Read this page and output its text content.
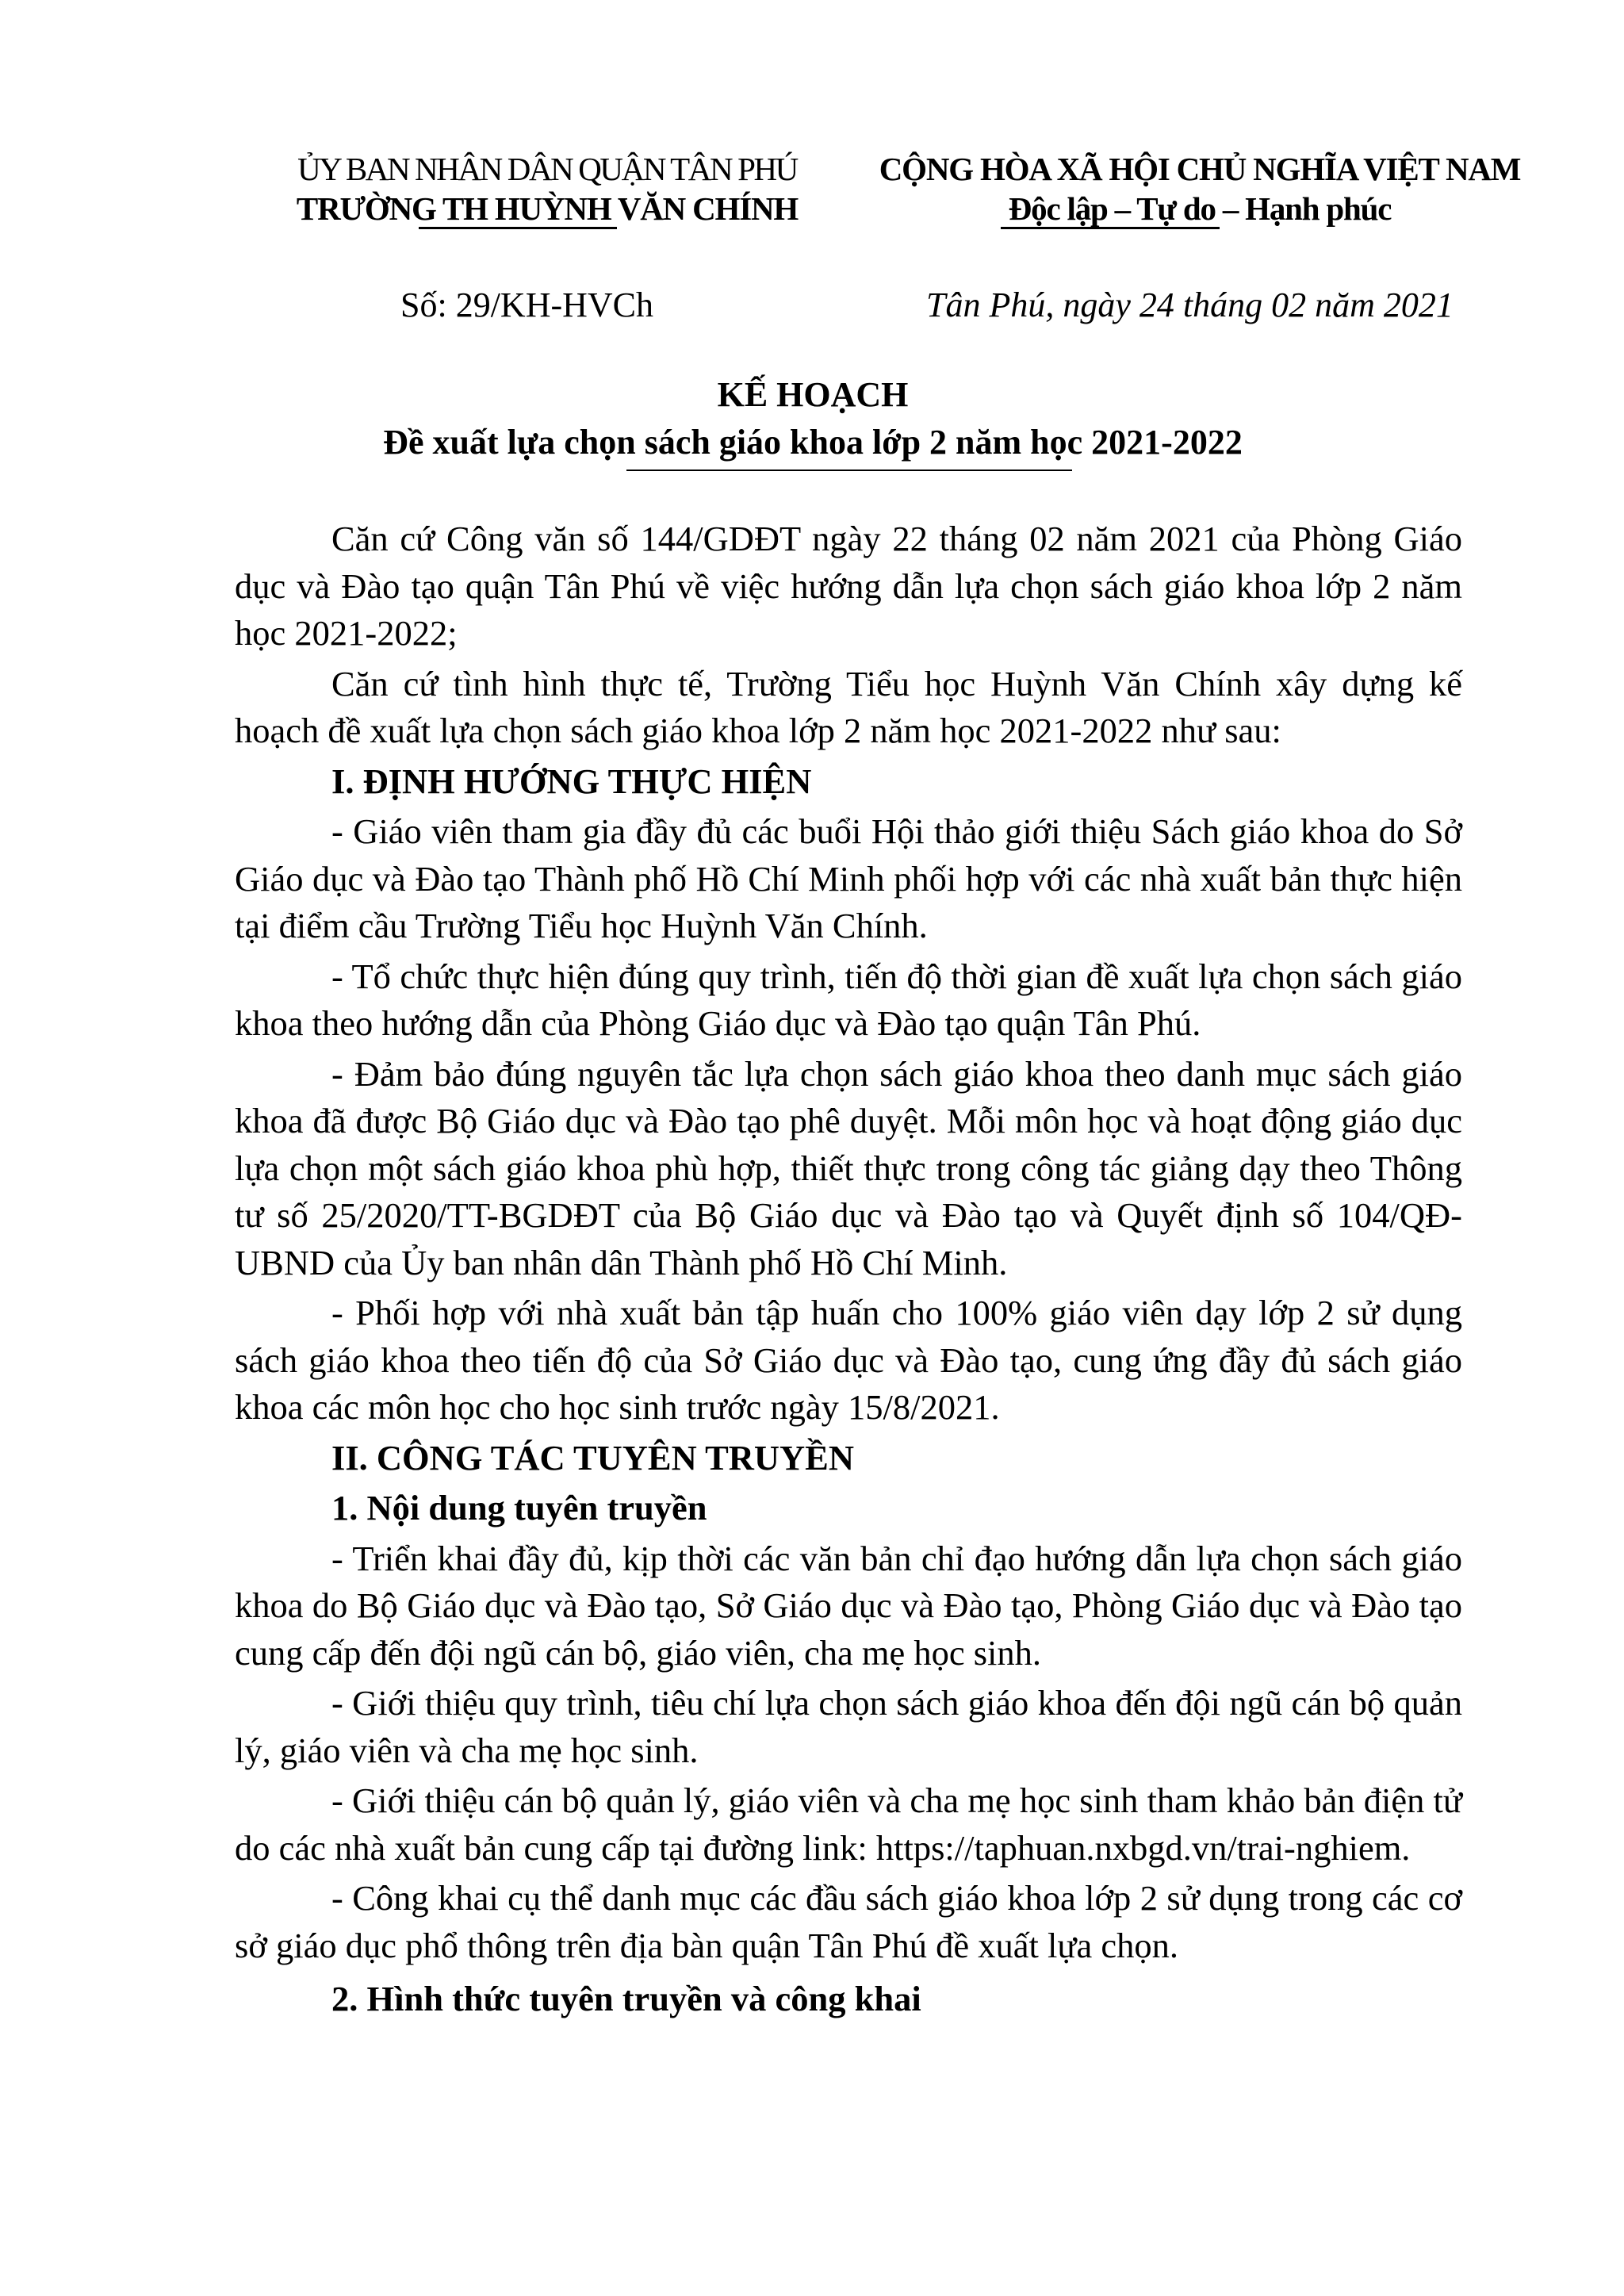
ỦY BAN NHÂN DÂN QUẬN TÂN PHÚ
TRƯỜNG TH HUỲNH VĂN CHÍNH
CỘNG HÒA XÃ HỘI CHỦ NGHĨA VIỆT NAM
Độc lập – Tự do – Hạnh phúc
Số: 29/KH-HVCh	Tân Phú, ngày 24 tháng 02 năm 2021
KẾ HOẠCH
Đề xuất lựa chọn sách giáo khoa lớp 2 năm học 2021-2022

Căn cứ Công văn số 144/GDĐT ngày 22 tháng 02 năm 2021 của Phòng Giáo dục và Đào tạo quận Tân Phú về việc hướng dẫn lựa chọn sách giáo khoa lớp 2 năm học 2021-2022;

Căn cứ tình hình thực tế, Trường Tiểu học Huỳnh Văn Chính xây dựng kế hoạch đề xuất lựa chọn sách giáo khoa lớp 2 năm học 2021-2022 như sau:

I. ĐỊNH HƯỚNG THỰC HIỆN

- Giáo viên tham gia đầy đủ các buổi Hội thảo giới thiệu Sách giáo khoa do Sở Giáo dục và Đào tạo Thành phố Hồ Chí Minh phối hợp với các nhà xuất bản thực hiện tại điểm cầu Trường Tiểu học Huỳnh Văn Chính.

- Tổ chức thực hiện đúng quy trình, tiến độ thời gian đề xuất lựa chọn sách giáo khoa theo hướng dẫn của Phòng Giáo dục và Đào tạo quận Tân Phú.

- Đảm bảo đúng nguyên tắc lựa chọn sách giáo khoa theo danh mục sách giáo khoa đã được Bộ Giáo dục và Đào tạo phê duyệt. Mỗi môn học và hoạt động giáo dục lựa chọn một sách giáo khoa phù hợp, thiết thực trong công tác giảng dạy theo Thông tư số 25/2020/TT-BGDĐT của Bộ Giáo dục và Đào tạo và Quyết định số 104/QĐ-UBND của Ủy ban nhân dân Thành phố Hồ Chí Minh.

- Phối hợp với nhà xuất bản tập huấn cho 100% giáo viên dạy lớp 2 sử dụng sách giáo khoa theo tiến độ của Sở Giáo dục và Đào tạo, cung ứng đầy đủ sách giáo khoa các môn học cho học sinh trước ngày 15/8/2021.

II. CÔNG TÁC TUYÊN TRUYỀN

1. Nội dung tuyên truyền

- Triển khai đầy đủ, kịp thời các văn bản chỉ đạo hướng dẫn lựa chọn sách giáo khoa do Bộ Giáo dục và Đào tạo, Sở Giáo dục và Đào tạo, Phòng Giáo dục và Đào tạo cung cấp đến đội ngũ cán bộ, giáo viên, cha mẹ học sinh.

- Giới thiệu quy trình, tiêu chí lựa chọn sách giáo khoa đến đội ngũ cán bộ quản lý, giáo viên và cha mẹ học sinh.

- Giới thiệu cán bộ quản lý, giáo viên và cha mẹ học sinh tham khảo bản điện tử do các nhà xuất bản cung cấp tại đường link: https://taphuan.nxbgd.vn/trai-nghiem.

- Công khai cụ thể danh mục các đầu sách giáo khoa lớp 2 sử dụng trong các cơ sở giáo dục phổ thông trên địa bàn quận Tân Phú đề xuất lựa chọn.

2. Hình thức tuyên truyền và công khai
